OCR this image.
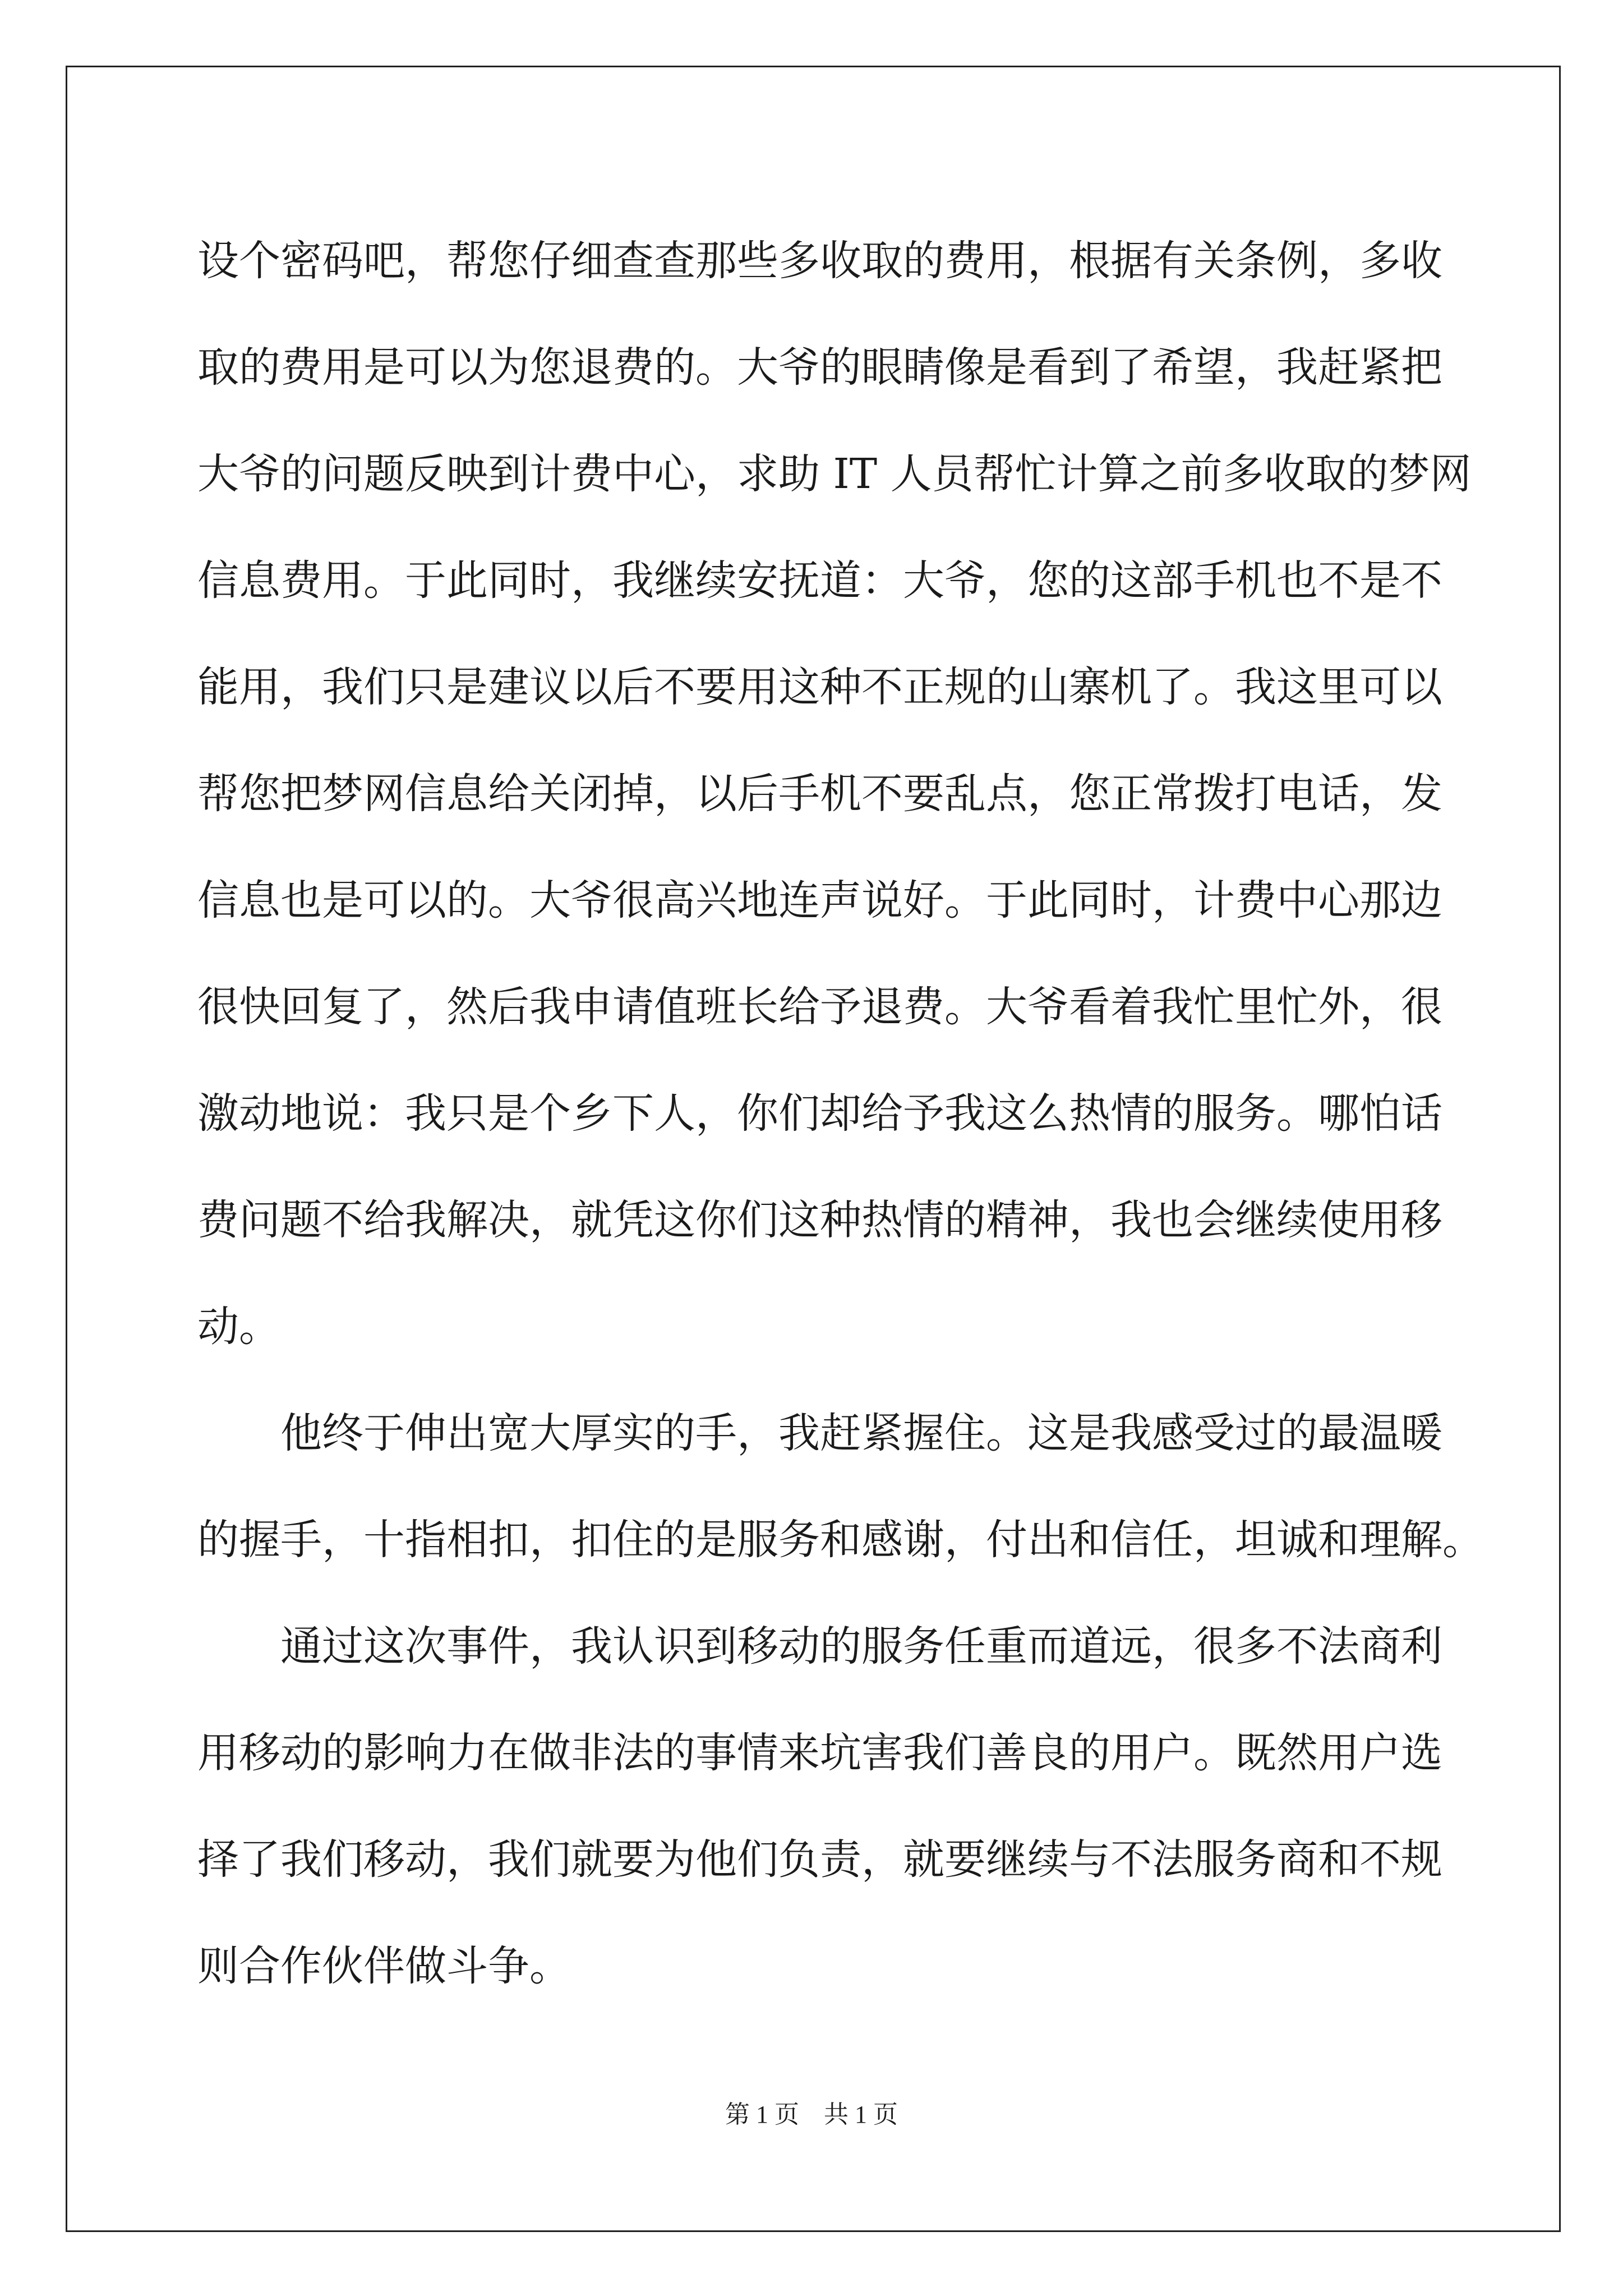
设个密码吧，帮您仔细查查那些多收取的费用，根据有关条例，多收
取的费用是可以为您退费的。大爷的眼睛像是看到了希望，我赶紧把
大爷的问题反映到计费中心，求助 IT 人员帮忙计算之前多收取的梦网
信息费用。于此同时，我继续安抚道：大爷，您的这部手机也不是不
能用，我们只是建议以后不要用这种不正规的山寨机了。我这里可以
帮您把梦网信息给关闭掉，以后手机不要乱点，您正常拨打电话，发
信息也是可以的。大爷很高兴地连声说好。于此同时，计费中心那边
很快回复了，然后我申请值班长给予退费。大爷看着我忙里忙外，很
激动地说：我只是个乡下人，你们却给予我这么热情的服务。哪怕话
费问题不给我解决，就凭这你们这种热情的精神，我也会继续使用移
动。
他终于伸出宽大厚实的手，我赶紧握住。这是我感受过的最温暖
的握手，十指相扣，扣住的是服务和感谢，付出和信任，坦诚和理解。
通过这次事件，我认识到移动的服务任重而道远，很多不法商利
用移动的影响力在做非法的事情来坑害我们善良的用户。既然用户选
择了我们移动，我们就要为他们负责，就要继续与不法服务商和不规
则合作伙伴做斗争。
第 1 页 共 1 页
